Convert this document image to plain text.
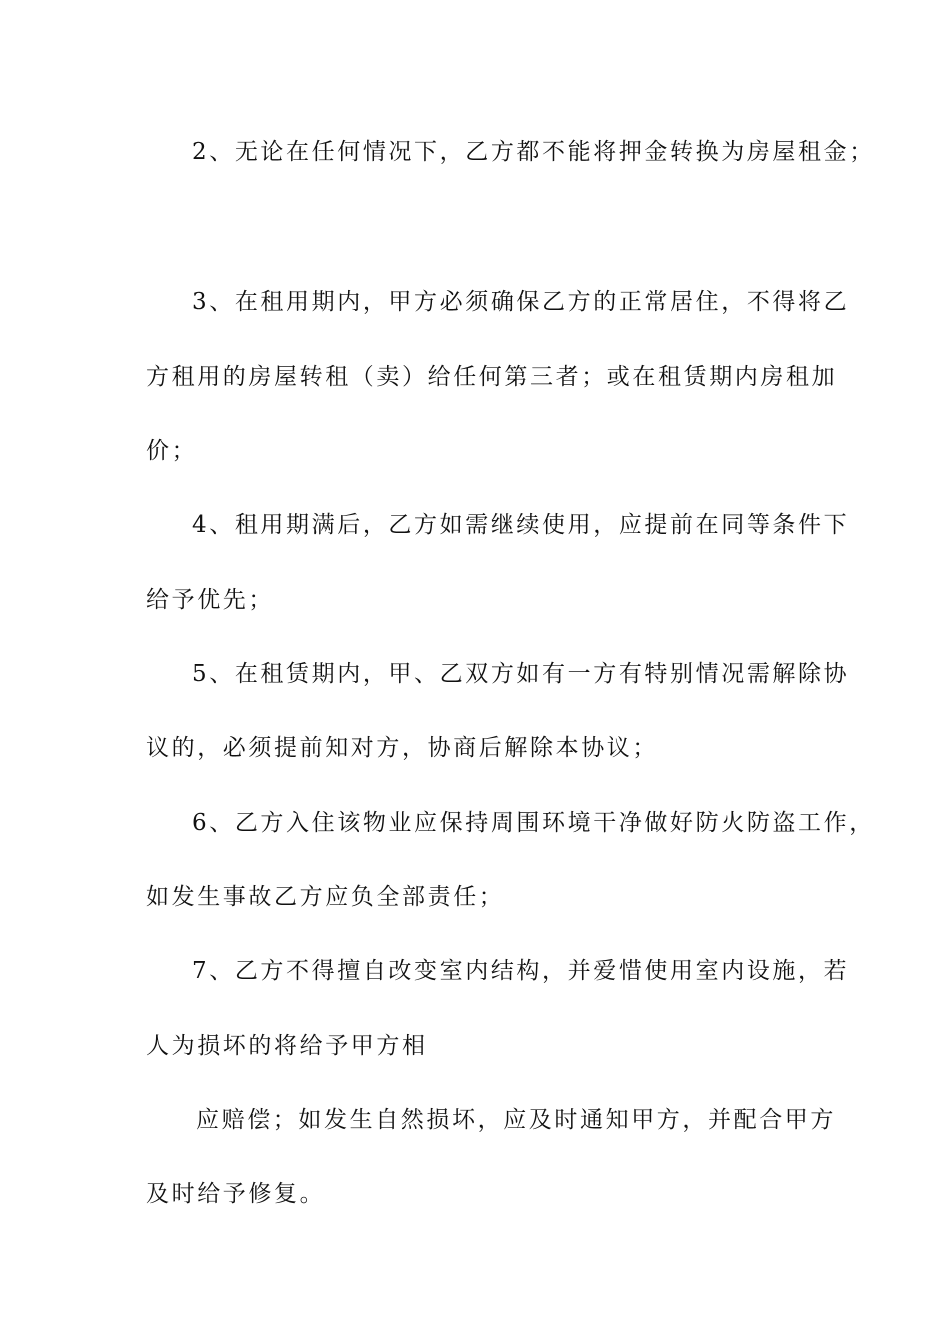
2、无论在任何情况下，乙方都不能将押金转换为房屋租金；
3、在租用期内，甲方必须确保乙方的正常居住，不得将乙
方租用的房屋转租（卖）给任何第三者；或在租赁期内房租加
价；
4、租用期满后，乙方如需继续使用，应提前在同等条件下
给予优先；
5、在租赁期内，甲、乙双方如有一方有特别情况需解除协
议的，必须提前知对方，协商后解除本协议；
6、乙方入住该物业应保持周围环境干净做好防火防盗工作，
如发生事故乙方应负全部责任；
7、乙方不得擅自改变室内结构，并爱惜使用室内设施，若
人为损坏的将给予甲方相
应赔偿；如发生自然损坏，应及时通知甲方，并配合甲方
及时给予修复。
